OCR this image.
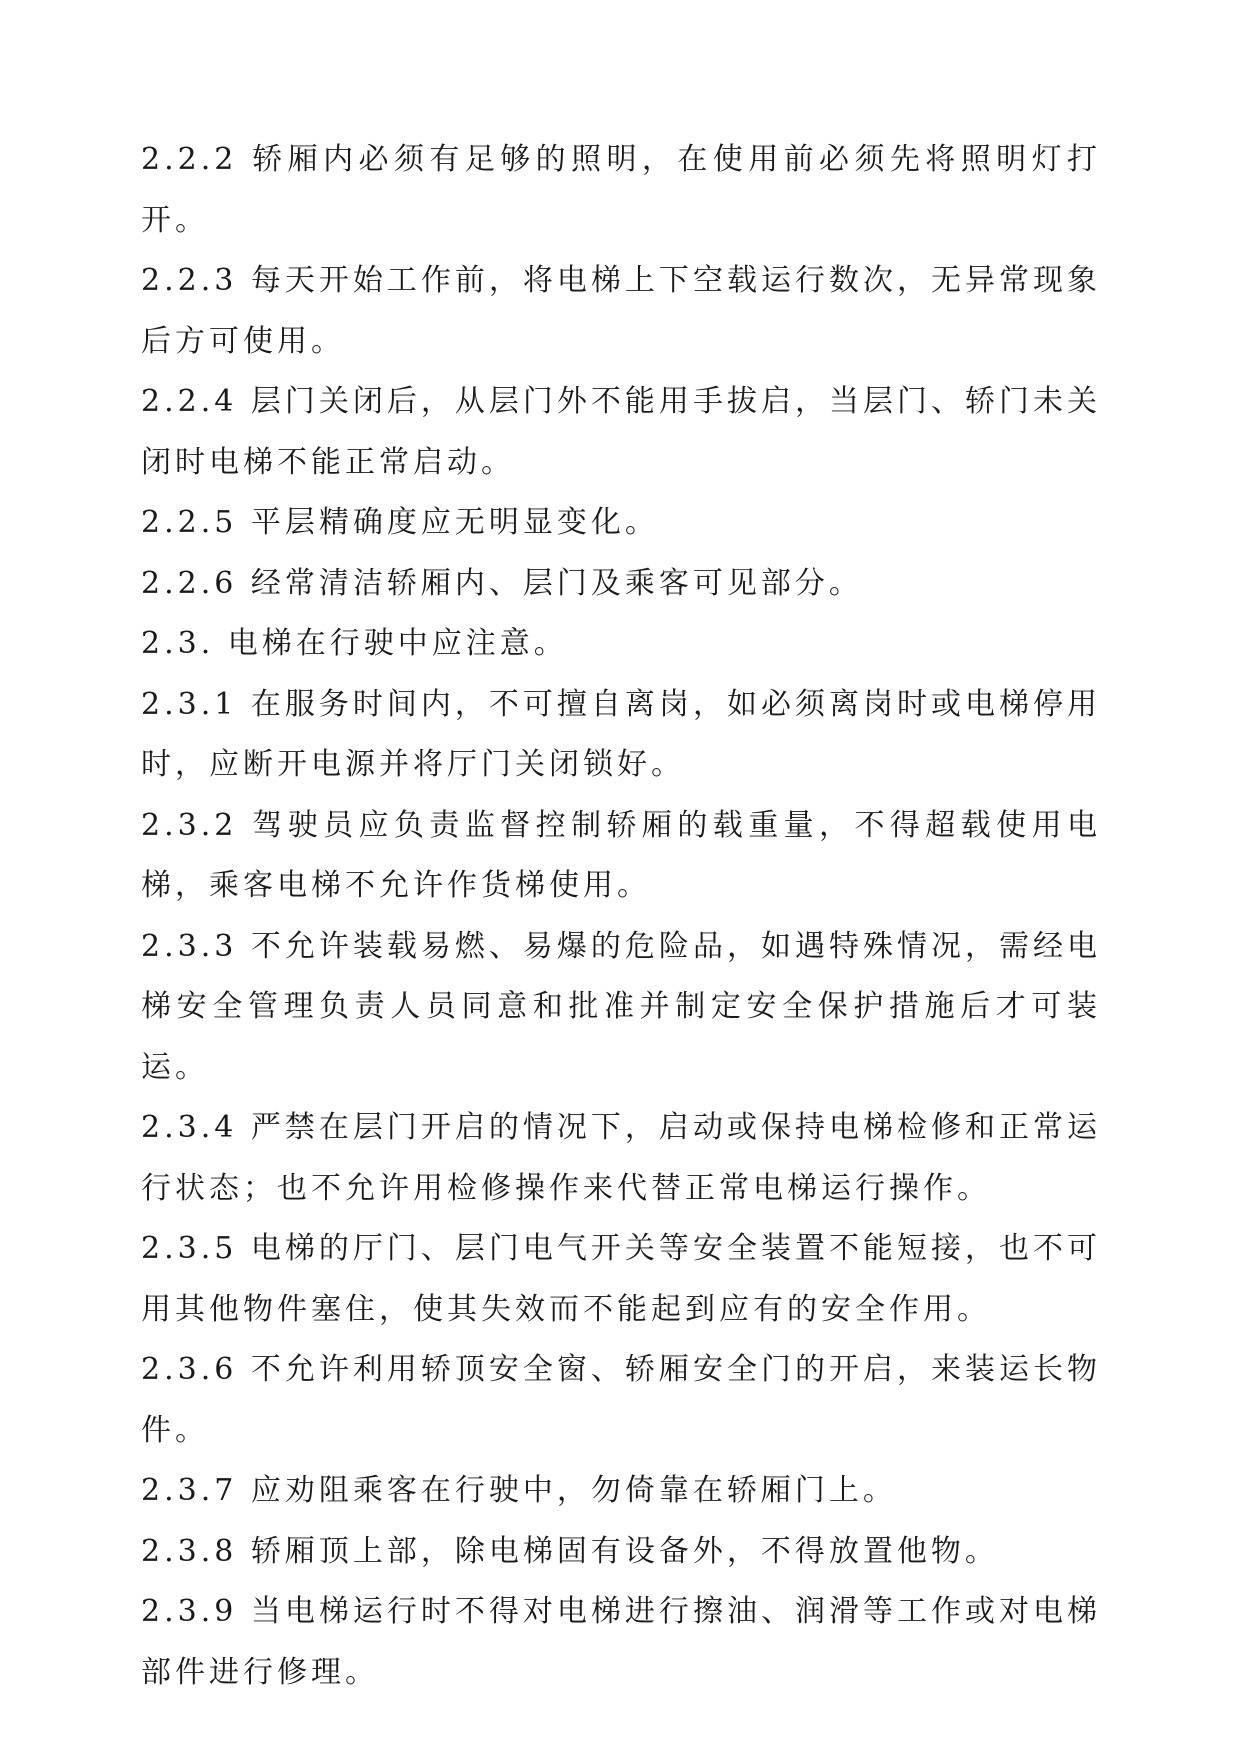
2.2.2 轿厢内必须有足够的照明，在使用前必须先将照明灯打开。

2.2.3 每天开始工作前，将电梯上下空载运行数次，无异常现象后方可使用。

2.2.4 层门关闭后，从层门外不能用手拔启，当层门、轿门未关闭时电梯不能正常启动。

2.2.5 平层精确度应无明显变化。

2.2.6 经常清洁轿厢内、层门及乘客可见部分。

2.3. 电梯在行驶中应注意。

2.3.1 在服务时间内，不可擅自离岗，如必须离岗时或电梯停用时，应断开电源并将厅门关闭锁好。

2.3.2 驾驶员应负责监督控制轿厢的载重量，不得超载使用电梯，乘客电梯不允许作货梯使用。

2.3.3 不允许装载易燃、易爆的危险品，如遇特殊情况，需经电梯安全管理负责人员同意和批准并制定安全保护措施后才可装运。

2.3.4 严禁在层门开启的情况下，启动或保持电梯检修和正常运行状态；也不允许用检修操作来代替正常电梯运行操作。

2.3.5 电梯的厅门、层门电气开关等安全装置不能短接，也不可用其他物件塞住，使其失效而不能起到应有的安全作用。

2.3.6 不允许利用轿顶安全窗、轿厢安全门的开启，来装运长物件。

2.3.7 应劝阻乘客在行驶中，勿倚靠在轿厢门上。

2.3.8 轿厢顶上部，除电梯固有设备外，不得放置他物。

2.3.9 当电梯运行时不得对电梯进行擦油、润滑等工作或对电梯部件进行修理。
